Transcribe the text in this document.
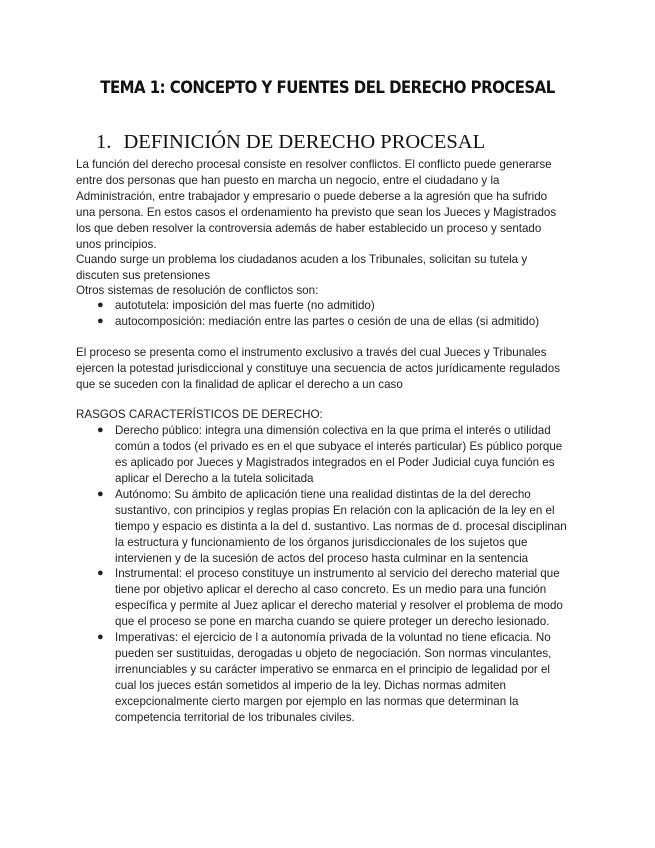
TEMA 1: CONCEPTO Y FUENTES DEL DERECHO PROCESAL
1. DEFINICIÓN DE DERECHO PROCESAL
La función del derecho procesal consiste en resolver conflictos. El conflicto puede generarse
entre dos personas que han puesto en marcha un negocio, entre el ciudadano y la
Administración, entre trabajador y empresario o puede deberse a la agresión que ha sufrido
una persona. En estos casos el ordenamiento ha previsto que sean los Jueces y Magistrados
los que deben resolver la controversia además de haber establecido un proceso y sentado
unos principios.
Cuando surge un problema los ciudadanos acuden a los Tribunales, solicitan su tutela y
discuten sus pretensiones
Otros sistemas de resolución de conflictos son:
● autotutela: imposición del mas fuerte (no admitido)
● autocomposición: mediación entre las partes o cesión de una de ellas (si admitido)
El proceso se presenta como el instrumento exclusivo a través del cual Jueces y Tribunales
ejercen la potestad jurisdiccional y constituye una secuencia de actos jurídicamente regulados
que se suceden con la finalidad de aplicar el derecho a un caso
RASGOS CARACTERÍSTICOS DE DERECHO:
● Derecho público: integra una dimensión colectiva en la que prima el interés o utilidad
común a todos (el privado es en el que subyace el interés particular) Es público porque
es aplicado por Jueces y Magistrados integrados en el Poder Judicial cuya función es
aplicar el Derecho a la tutela solicitada
● Autónomo: Su ámbito de aplicación tiene una realidad distintas de la del derecho
sustantivo, con principios y reglas propias En relación con la aplicación de la ley en el
tiempo y espacio es distinta a la del d. sustantivo. Las normas de d. procesal disciplinan
la estructura y funcionamiento de los órganos jurisdiccionales de los sujetos que
intervienen y de la sucesión de actos del proceso hasta culminar en la sentencia
● Instrumental: el proceso constituye un instrumento al servicio del derecho material que
tiene por objetivo aplicar el derecho al caso concreto. Es un medio para una función
específica y permite al Juez aplicar el derecho material y resolver el problema de modo
que el proceso se pone en marcha cuando se quiere proteger un derecho lesionado.
● Imperativas: el ejercicio de l a autonomía privada de la voluntad no tiene eficacia. No
pueden ser sustituidas, derogadas u objeto de negociación. Son normas vinculantes,
irrenunciables y su carácter imperativo se enmarca en el principio de legalidad por el
cual los jueces están sometidos al imperio de la ley. Dichas normas admiten
excepcionalmente cierto margen por ejemplo en las normas que determinan la
competencia territorial de los tribunales civiles.
